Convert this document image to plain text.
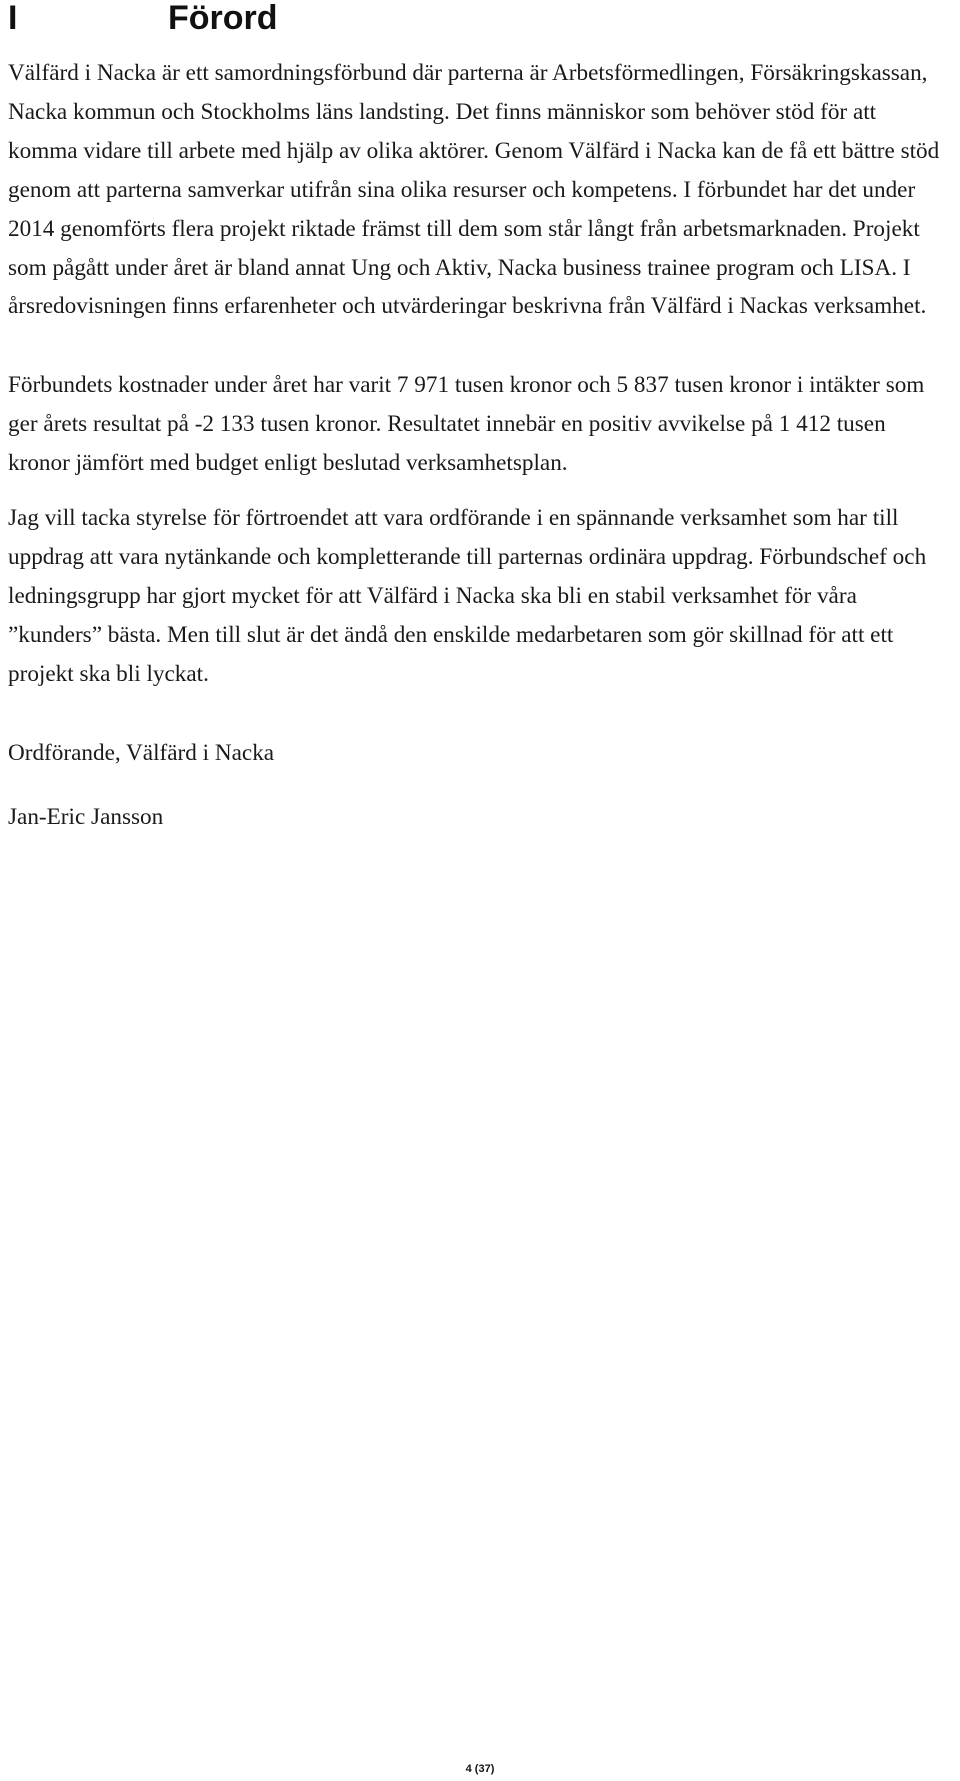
I	Förord

Välfärd i Nacka är ett samordningsförbund där parterna är Arbetsförmedlingen, Försäkringskassan, Nacka kommun och Stockholms läns landsting. Det finns människor som behöver stöd för att komma vidare till arbete med hjälp av olika aktörer. Genom Välfärd i Nacka kan de få ett bättre stöd genom att parterna samverkar utifrån sina olika resurser och kompetens. I förbundet har det under 2014 genomförts flera projekt riktade främst till dem som står långt från arbetsmarknaden. Projekt som pågått under året är bland annat Ung och Aktiv, Nacka business trainee program och LISA. I årsredovisningen finns erfarenheter och utvärderingar beskrivna från Välfärd i Nackas verksamhet.

Förbundets kostnader under året har varit 7 971 tusen kronor och 5 837 tusen kronor i intäkter som ger årets resultat på -2 133 tusen kronor. Resultatet innebär en positiv avvikelse på 1 412 tusen kronor jämfört med budget enligt beslutad verksamhetsplan.

Jag vill tacka styrelse för förtroendet att vara ordförande i en spännande verksamhet som har till uppdrag att vara nytänkande och kompletterande till parternas ordinära uppdrag. Förbundschef och ledningsgrupp har gjort mycket för att Välfärd i Nacka ska bli en stabil verksamhet för våra ”kunders” bästa. Men till slut är det ändå den enskilde medarbetaren som gör skillnad för att ett projekt ska bli lyckat.

Ordförande, Välfärd i Nacka

Jan-Eric Jansson

4 (37)
